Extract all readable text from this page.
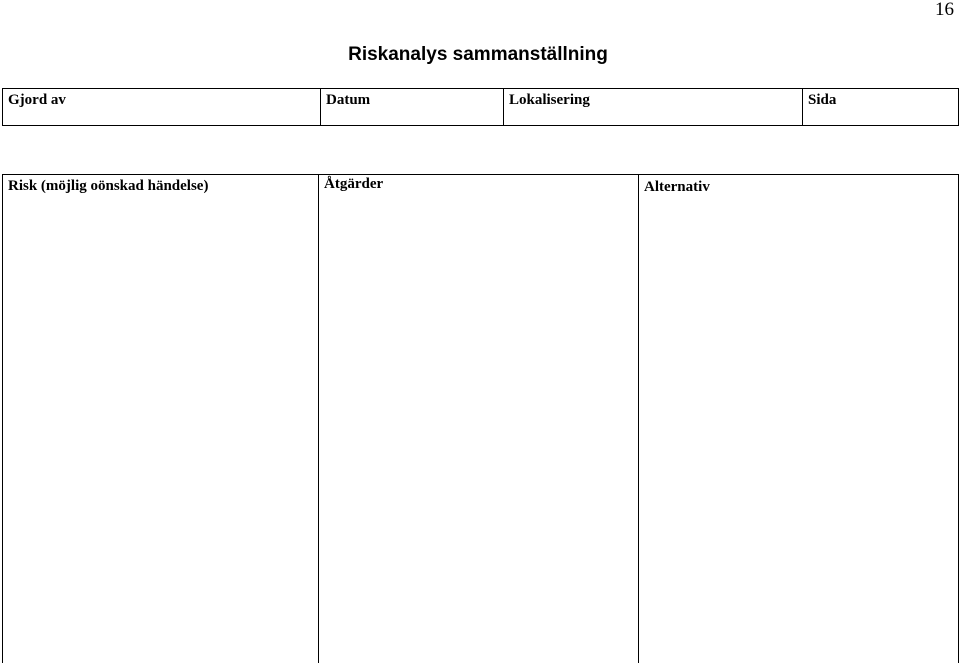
16
Riskanalys sammanställning
Gjord av	Datum	Lokalisering	Sida
Risk (möjlig oönskad händelse)	Åtgärder	Alternativ
